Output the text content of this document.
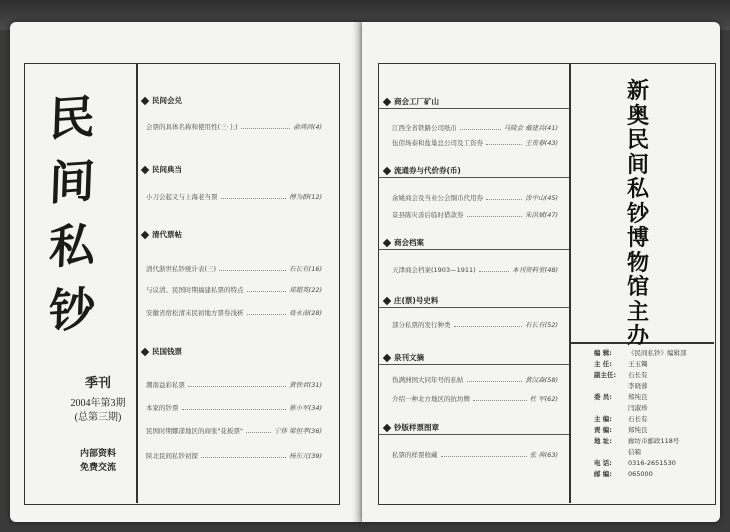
民
间
私
钞
季刊
2004年第3期
(总第三期)
内部资料
免费交流
民间会兑
会票的具体名称和使用性(三·上)	俞鸿昌(4)
民间典当
小刀会起义与上海老当票	傅为群(12)
清代票帖
清代浙世私钞统计表(三)	石长有(16)
与议清、民国时期福建私票的特点	郑超英(22)
安徽省宿松清末民初地方票券浅析	聂永南(28)
民国钱票
潮南益彩私票	黄铁君(31)
本家的钞票	蔡小军(34)
民国时期娜漾地区的商张"花板票"	宁体 梁恒孝(36)
陕北民间私钞初探	杨东元(39)
商会工厂矿山
江西全省铁路公司纸币	马陵会 戴建兵(41)
伍佰场泰和盐巢总公司及工资券	王贵春(43)
流通券与代价券(币)
余姚商会及当业公会铜币代用券	涂中山(45)
景县陈灾善后临时借款券	朱洪斌(47)
商会档案
天津商会档案(1903—1911)	本刊资料室(48)
庄(票)号史料
部分私票的发行种类	石长有(52)
泉刊文摘
伪满洲国大同年号的私帖	黄汉森(58)
介绍一种北方地区的抗坊牌	杜 军(62)
钞版样票图章
私票的样票收藏	张 典(63)
新
奥
民
间
私
钞
博
物
馆
主
办
编 辑:	《民间私钞》编辑部
主 任:	王玉镯
副主任:	石长有
李晓蓉
委 员:	郑纯良
闫淑珍
主 编:	石长有
责 编:	郑纯良
地 址:	廊坊市邮政118号
信箱
电 话:	0316-2651530
邮 编:	065000
